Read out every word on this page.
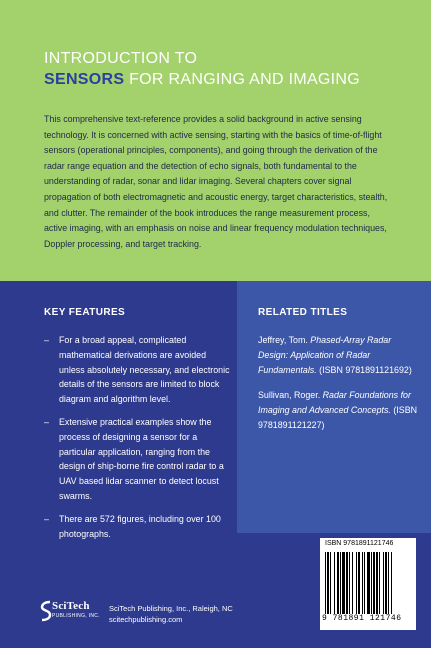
INTRODUCTION TO
SENSORS FOR RANGING AND IMAGING

This comprehensive text-reference provides a solid background in active sensing technology. It is concerned with active sensing, starting with the basics of time-of-flight sensors (operational principles, components), and going through the derivation of the radar range equation and the detection of echo signals, both fundamental to the understanding of radar, sonar and lidar imaging. Several chapters cover signal propagation of both electromagnetic and acoustic energy, target characteristics, stealth, and clutter. The remainder of the book introduces the range measurement process, active imaging, with an emphasis on noise and linear frequency modulation techniques, Doppler processing, and target tracking.

KEY FEATURES
– For a broad appeal, complicated mathematical derivations are avoided unless absolutely necessary, and electronic details of the sensors are limited to block diagram and algorithm level.
– Extensive practical examples show the process of designing a sensor for a particular application, ranging from the design of ship-borne fire control radar to a UAV based lidar scanner to detect locust swarms.
– There are 572 figures, including over 100 photographs.
RELATED TITLES
Jeffrey, Tom. Phased-Array Radar Design: Application of Radar Fundamentals. (ISBN 9781891121692)
Sullivan, Roger. Radar Foundations for Imaging and Advanced Concepts. (ISBN 9781891121227)
SciTech
PUBLISHING, INC.
SciTech Publishing, Inc., Raleigh, NC
scitechpublishing.com
ISBN 9781891121746
9 781891 121746
